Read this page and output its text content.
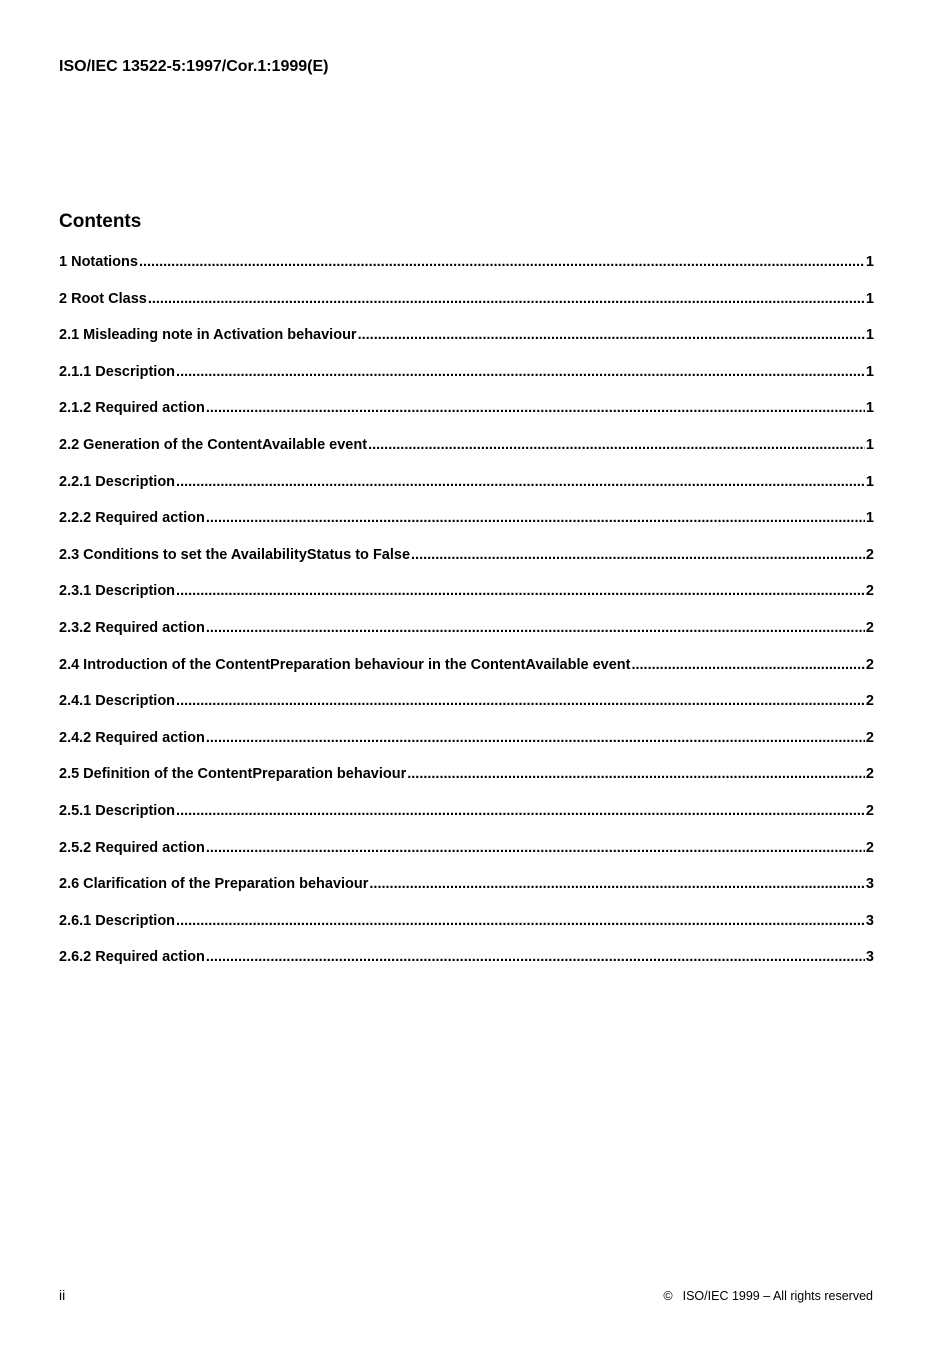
ISO/IEC 13522-5:1997/Cor.1:1999(E)
Contents
1 Notations .....	1
2 Root Class .....	1
2.1 Misleading note in Activation behaviour .....	1
2.1.1 Description .....	1
2.1.2 Required action .....	1
2.2 Generation of the ContentAvailable event .....	1
2.2.1 Description .....	1
2.2.2 Required action .....	1
2.3 Conditions to set the AvailabilityStatus to False .....	2
2.3.1 Description .....	2
2.3.2 Required action .....	2
2.4 Introduction of the ContentPreparation behaviour in the ContentAvailable event .....	2
2.4.1 Description .....	2
2.4.2 Required action .....	2
2.5 Definition of the ContentPreparation behaviour .....	2
2.5.1 Description .....	2
2.5.2 Required action .....	2
2.6 Clarification of the Preparation behaviour .....	3
2.6.1 Description .....	3
2.6.2 Required action .....	3
ii	© ISO/IEC 1999 – All rights reserved
